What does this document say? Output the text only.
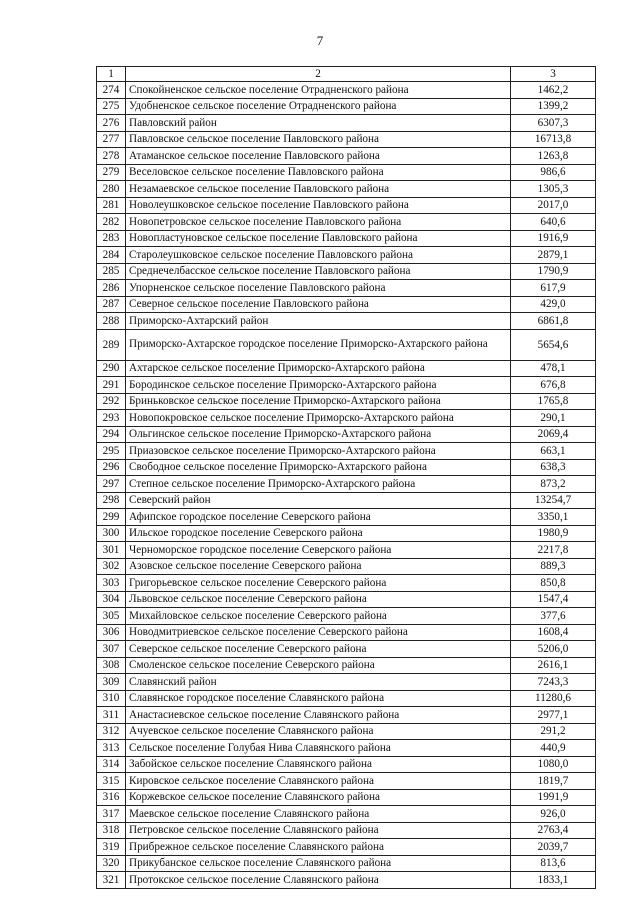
7
1	2	3
274	Спокойненское сельское поселение Отрадненского района	1462,2
275	Удобненское сельское поселение Отрадненского района	1399,2
276	Павловский район	6307,3
277	Павловское сельское поселение Павловского района	16713,8
278	Атаманское сельское поселение Павловского района	1263,8
279	Веселовское сельское поселение Павловского района	986,6
280	Незамаевское сельское поселение Павловского района	1305,3
281	Новолеушковское сельское поселение Павловского района	2017,0
282	Новопетровское сельское поселение Павловского района	640,6
283	Новопластуновское сельское поселение Павловского района	1916,9
284	Старолеушковское сельское поселение Павловского района	2879,1
285	Среднечелбасское сельское поселение Павловского района	1790,9
286	Упорненское сельское поселение Павловского района	617,9
287	Северное сельское поселение Павловского района	429,0
288	Приморско-Ахтарский район	6861,8
289	Приморско-Ахтарское городское поселение Приморско-Ахтарского района	5654,6
290	Ахтарское сельское поселение Приморско-Ахтарского района	478,1
291	Бородинское сельское поселение Приморско-Ахтарского района	676,8
292	Бриньковское сельское поселение Приморско-Ахтарского района	1765,8
293	Новопокровское сельское поселение Приморско-Ахтарского района	290,1
294	Ольгинское сельское поселение Приморско-Ахтарского района	2069,4
295	Приазовское сельское поселение Приморско-Ахтарского района	663,1
296	Свободное сельское поселение Приморско-Ахтарского района	638,3
297	Степное сельское поселение Приморско-Ахтарского района	873,2
298	Северский район	13254,7
299	Афипское городское поселение Северского района	3350,1
300	Ильское городское поселение Северского района	1980,9
301	Черноморское городское поселение Северского района	2217,8
302	Азовское сельское поселение Северского района	889,3
303	Григорьевское сельское поселение Северского района	850,8
304	Львовское сельское поселение Северского района	1547,4
305	Михайловское сельское поселение Северского района	377,6
306	Новодмитриевское сельское поселение Северского района	1608,4
307	Северское сельское поселение Северского района	5206,0
308	Смоленское сельское поселение Северского района	2616,1
309	Славянский район	7243,3
310	Славянское городское поселение Славянского района	11280,6
311	Анастасиевское сельское поселение Славянского района	2977,1
312	Ачуевское сельское поселение Славянского района	291,2
313	Сельское поселение Голубая Нива Славянского района	440,9
314	Забойское сельское поселение Славянского района	1080,0
315	Кировское сельское поселение Славянского района	1819,7
316	Коржевское сельское поселение Славянского района	1991,9
317	Маевское сельское поселение Славянского района	926,0
318	Петровское сельское поселение Славянского района	2763,4
319	Прибрежное сельское поселение Славянского района	2039,7
320	Прикубанское сельское поселение Славянского района	813,6
321	Протокское сельское поселение Славянского района	1833,1
